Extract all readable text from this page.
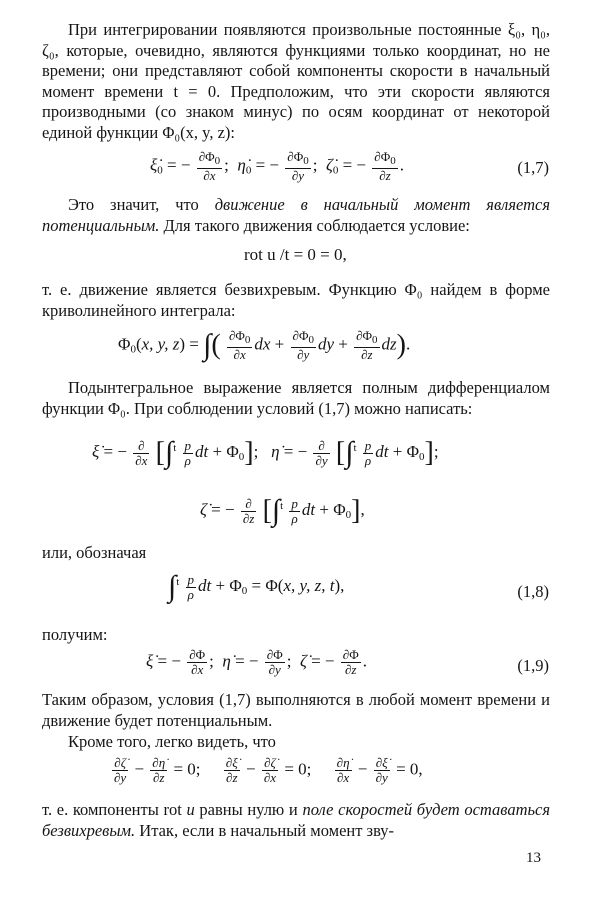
При интегрировании появляются произвольные постоянные ξ₀, η₀, ζ₀, которые, очевидно, являются функциями только координат, но не времени; они представляют собой компоненты скорости в начальный момент времени t = 0. Предположим, что эти скорости являются производными (со знаком минус) по осям координат от некоторой единой функции Φ₀(x, y, z):

$\xi̇_0$ = − $\frac{\partial\Phi_0}{\partial x}$ ;  $\etȧ_0$ = − $\frac{\partial\Phi_0}{\partial y}$ ;  $\zetȧ_0$ = − $\frac{\partial\Phi_0}{\partial z}$ .	(1,7)

Это значит, что движение в начальный момент является потенциальным. Для такого движения соблюдается условие:

rot u /t = 0 = 0,

т. е. движение является безвихревым. Функцию Φ₀ найдем в форме криволинейного интеграла:

$\Phi_0(x$, y, z) = ∫( $\frac{\partial\Phi_0}{\partial x}$ dx + $\frac{\partial\Phi_0}{\partial y}$ dy + $\frac{\partial\Phi_0}{\partial z} dz$).

Подынтегральное выражение является полным дифференциалом функции Φ₀. При соблюдении условий (1,7) можно написать:

ξ̇ = − $\frac{\partial}{\partial x} [\int^t \frac{p}{\rho}$ dt + $\Phi_0$];   η̇ = − $\frac{\partial}{\partial y} [\int^t \frac{p}{\rho}$ dt + $\Phi_0$];
ζ̇ = − $\frac{\partial}{\partial z} [\int^t \frac{p}{\rho}$ dt + $\Phi_0$],

или, обозначая

$\int^t \frac{p}{\rho}$ dt + $\Phi_0 = \Phi(x$, y, z, t),	(1,8)

получим:

ξ̇ = − $\frac{\partial\Phi}{\partial x}$ ;  η̇ = − $\frac{\partial\Phi}{\partial y}$ ;  ζ̇ = − $\frac{\partial\Phi}{\partial z}$ .	(1,9)

Таким образом, условия (1,7) выполняются в любой момент времени и движение будет потенциальным.

Кроме того, легко видеть, что

$\frac{\partial\zetȧ}{\partial y} - \frac{\partial\etȧ}{\partial z} = 0$; $\frac{\partial\xi̇}{\partial z} - \frac{\partial\zetȧ}{\partial x} = 0$; $\frac{\partial\etȧ}{\partial x} - \frac{\partial\xi̇}{\partial y} = 0$,

т. е. компоненты rot u равны нулю и поле скоростей будет оставаться безвихревым. Итак, если в начальный момент зву-

13
